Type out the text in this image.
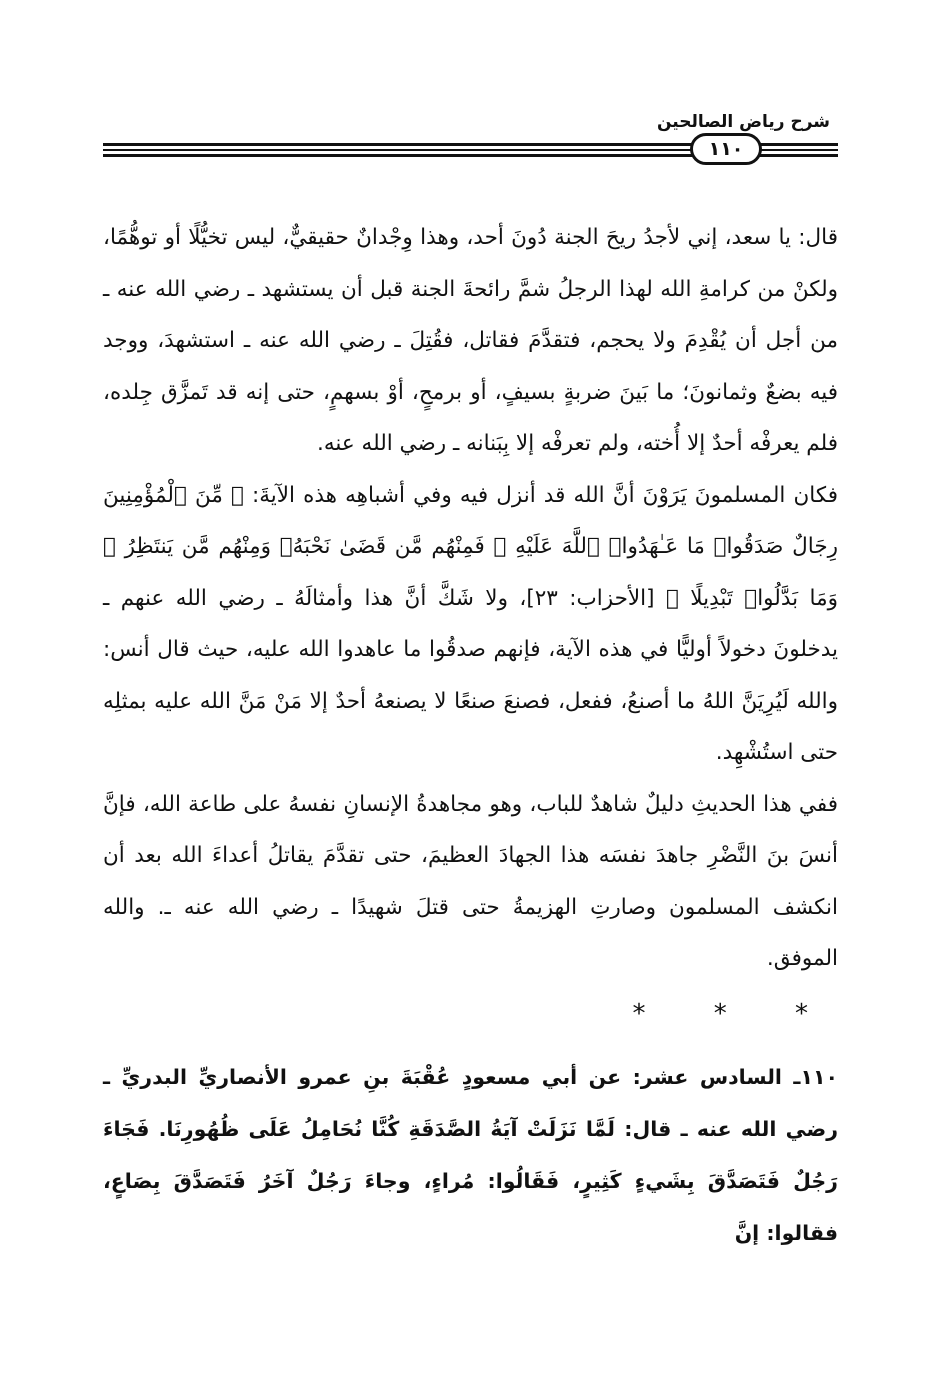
شرح رياض الصالحين
١١٠

قال: يا سعد، إني لأجدُ ريحَ الجنة دُونَ أحد، وهذا وِجْدانٌ حقيقيٌّ، ليس تخيُّلًا أو توهُّمًا، ولكنْ من كرامةِ الله لهذا الرجلُ شمَّ رائحةَ الجنة قبل أن يستشهد ـ رضي الله عنه ـ من أجل أن يُقْدِمَ ولا يحجم، فتقدَّمَ فقاتل، فقُتِلَ ـ رضي الله عنه ـ استشهدَ، ووجد فيه بضعٌ وثمانونَ؛ ما بَينَ ضربةٍ بسيفٍ، أو برمحٍ، أوْ بسهمٍ، حتى إنه قد تَمزَّق جِلده، فلم يعرفْه أحدٌ إلا أُخته، ولم تعرفْه إلا بِبَنانه ـ رضي الله عنه.

فكان المسلمونَ يَرَوْنَ أنَّ الله قد أنزل فيه وفي أشباهِه هذه الآيةَ: ﴿ مِّنَ ٱلْمُؤْمِنِينَ رِجَالٌ صَدَقُوا۟ مَا عَـٰهَدُوا۟ ٱللَّهَ عَلَيْهِ ۖ فَمِنْهُم مَّن قَضَىٰ نَحْبَهُۥ وَمِنْهُم مَّن يَنتَظِرُ ۖ وَمَا بَدَّلُوا۟ تَبْدِيلًا ﴾ [الأحزاب: ٢٣]، ولا شَكَّ أنَّ هذا وأمثالَهُ ـ رضي الله عنهم ـ يدخلونَ دخولاً أوليًّا في هذه الآية، فإنهم صدقُوا ما عاهدوا الله عليه، حيث قال أنس: والله لَيُرِيَنَّ اللهُ ما أصنعُ، ففعل، فصنعَ صنعًا لا يصنعهُ أحدٌ إلا مَنْ مَنَّ الله عليه بمثلِه حتى استُشْهِد.

ففي هذا الحديثِ دليلٌ شاهدٌ للباب، وهو مجاهدةُ الإنسانِ نفسهُ على طاعة الله، فإنَّ أنسَ بنَ النَّضْرِ جاهدَ نفسَه هذا الجهادَ العظيمَ، حتى تقدَّمَ يقاتلُ أعداءَ الله بعد أن انكشف المسلمون وصارتِ الهزيمةُ حتى قتلَ شهيدًا ـ رضي الله عنه ـ. والله الموفق.

*	*	*

١١٠ـ السادس عشر: عن أبي مسعودٍ عُقْبَةَ بنِ عمرو الأنصاريِّ البدريِّ ـ رضي الله عنه ـ قال: لَمَّا نَزَلَتْ آيَةُ الصَّدَقَةِ كُنَّا نُحَامِلُ عَلَى ظُهُورِنَا. فَجَاءَ رَجُلٌ فَتَصَدَّقَ بِشَيءٍ كَثِيرٍ، فَقَالُوا: مُراءٍ، وجاءَ رَجُلٌ آخَرُ فَتَصَدَّقَ بِصَاعٍ، فقالوا: إنَّ
